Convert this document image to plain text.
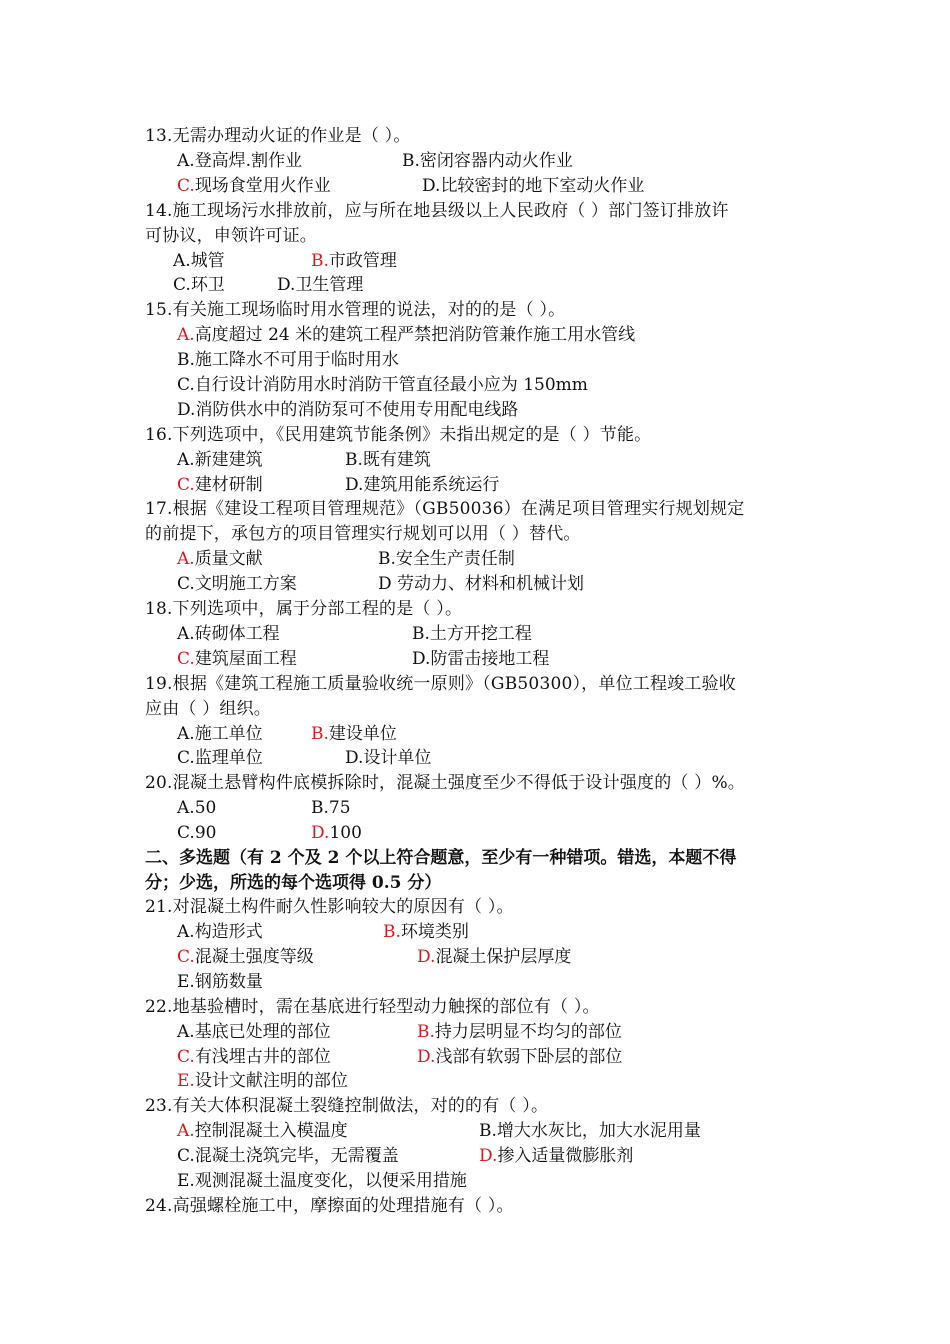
13.无需办理动火证的作业是（ ）。
A.登高焊.割作业	B.密闭容器内动火作业
C.现场食堂用火作业	D.比较密封的地下室动火作业
14.施工现场污水排放前，应与所在地县级以上人民政府（ ）部门签订排放许
可协议，申领许可证。
A.城管	B.市政管理
C.环卫	D.卫生管理
15.有关施工现场临时用水管理的说法，对的的是（ ）。
A.高度超过 24 米的建筑工程严禁把消防管兼作施工用水管线
B.施工降水不可用于临时用水
C.自行设计消防用水时消防干管直径最小应为 150mm
D.消防供水中的消防泵可不使用专用配电线路
16.下列选项中，《民用建筑节能条例》未指出规定的是（ ）节能。
A.新建建筑	B.既有建筑
C.建材研制	D.建筑用能系统运行
17.根据《建设工程项目管理规范》（GB50036）在满足项目管理实行规划规定
的前提下，承包方的项目管理实行规划可以用（ ）替代。
A.质量文献	B.安全生产责任制
C.文明施工方案	D 劳动力、材料和机械计划
18.下列选项中，属于分部工程的是（ ）。
A.砖砌体工程	B.土方开挖工程
C.建筑屋面工程	D.防雷击接地工程
19.根据《建筑工程施工质量验收统一原则》（GB50300），单位工程竣工验收
应由（ ）组织。
A.施工单位	B.建设单位
C.监理单位	D.设计单位
20.混凝土悬臂构件底模拆除时，混凝土强度至少不得低于设计强度的（ ）%。
A.50	B.75
C.90	D.100
二、多选题（有 2 个及 2 个以上符合题意，至少有一种错项。错选，本题不得
分；少选，所选的每个选项得 0.5 分）
21.对混凝土构件耐久性影响较大的原因有（ ）。
A.构造形式	B.环境类别
C.混凝土强度等级	D.混凝土保护层厚度
E.钢筋数量
22.地基验槽时，需在基底进行轻型动力触探的部位有（ ）。
A.基底已处理的部位	B.持力层明显不均匀的部位
C.有浅埋古井的部位	D.浅部有软弱下卧层的部位
E.设计文献注明的部位
23.有关大体积混凝土裂缝控制做法，对的的有（ ）。
A.控制混凝土入模温度	B.增大水灰比，加大水泥用量
C.混凝土浇筑完毕，无需覆盖	D.掺入适量微膨胀剂
E.观测混凝土温度变化，以便采用措施
24.高强螺栓施工中，摩擦面的处理措施有（ ）。
